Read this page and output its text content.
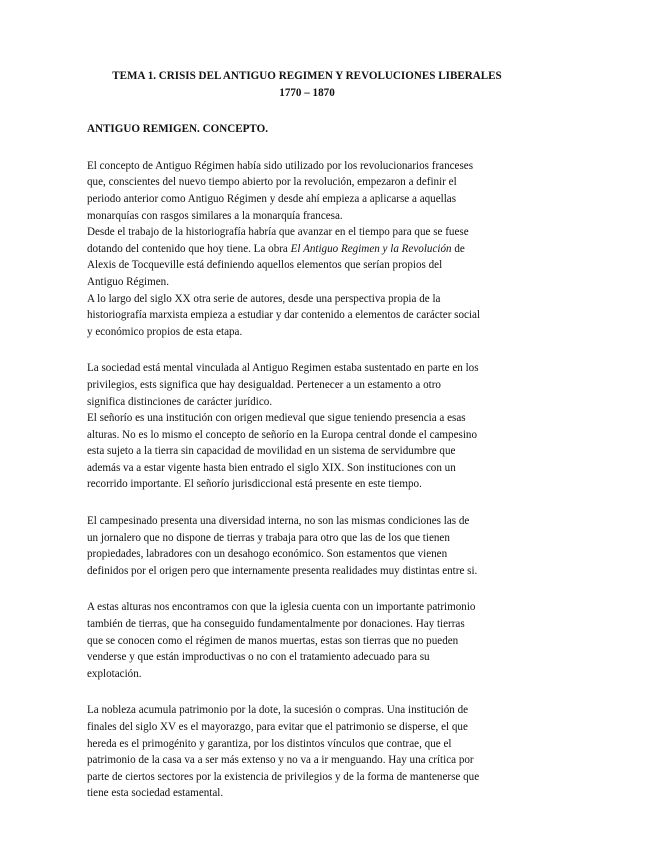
TEMA 1. CRISIS DEL ANTIGUO REGIMEN Y REVOLUCIONES LIBERALES
1770 – 1870

ANTIGUO REMIGEN. CONCEPTO.

El concepto de Antiguo Régimen había sido utilizado por los revolucionarios franceses
que, conscientes del nuevo tiempo abierto por la revolución, empezaron a definir el
periodo anterior como Antiguo Régimen y desde ahí empieza a aplicarse a aquellas
monarquías con rasgos similares a la monarquía francesa.

Desde el trabajo de la historiografía habría que avanzar en el tiempo para que se fuese
dotando del contenido que hoy tiene. La obra El Antiguo Regimen y la Revolución de
Alexis de Tocqueville está definiendo aquellos elementos que serían propios del
Antiguo Régimen.

A lo largo del siglo XX otra serie de autores, desde una perspectiva propia de la
historiografía marxista empieza a estudiar y dar contenido a elementos de carácter social
y económico propios de esta etapa.

La sociedad está mental vinculada al Antiguo Regimen estaba sustentado en parte en los
privilegios, ests significa que hay desigualdad. Pertenecer a un estamento a otro
significa distinciones de carácter jurídico.

El señorío es una institución con origen medieval que sigue teniendo presencia a esas
alturas. No es lo mismo el concepto de señorío en la Europa central donde el campesino
esta sujeto a la tierra sin capacidad de movilidad en un sistema de servidumbre que
además va a estar vigente hasta bien entrado el siglo XIX. Son instituciones con un
recorrido importante. El señorío jurisdiccional está presente en este tiempo.

El campesinado presenta una diversidad interna, no son las mismas condiciones las de
un jornalero que no dispone de tierras y trabaja para otro que las de los que tienen
propiedades, labradores con un desahogo económico. Son estamentos que vienen
definidos por el origen pero que internamente presenta realidades muy distintas entre si.

A estas alturas nos encontramos con que la iglesia cuenta con un importante patrimonio
también de tierras, que ha conseguido fundamentalmente por donaciones. Hay tierras
que se conocen como el régimen de manos muertas, estas son tierras que no pueden
venderse y que están improductivas o no con el tratamiento adecuado para su
explotación.

La nobleza acumula patrimonio por la dote, la sucesión o compras. Una institución de
finales del siglo XV es el mayorazgo, para evitar que el patrimonio se disperse, el que
hereda es el primogénito y garantiza, por los distintos vínculos que contrae, que el
patrimonio de la casa va a ser más extenso y no va a ir menguando. Hay una crítica por
parte de ciertos sectores por la existencia de privilegios y de la forma de mantenerse que
tiene esta sociedad estamental.
